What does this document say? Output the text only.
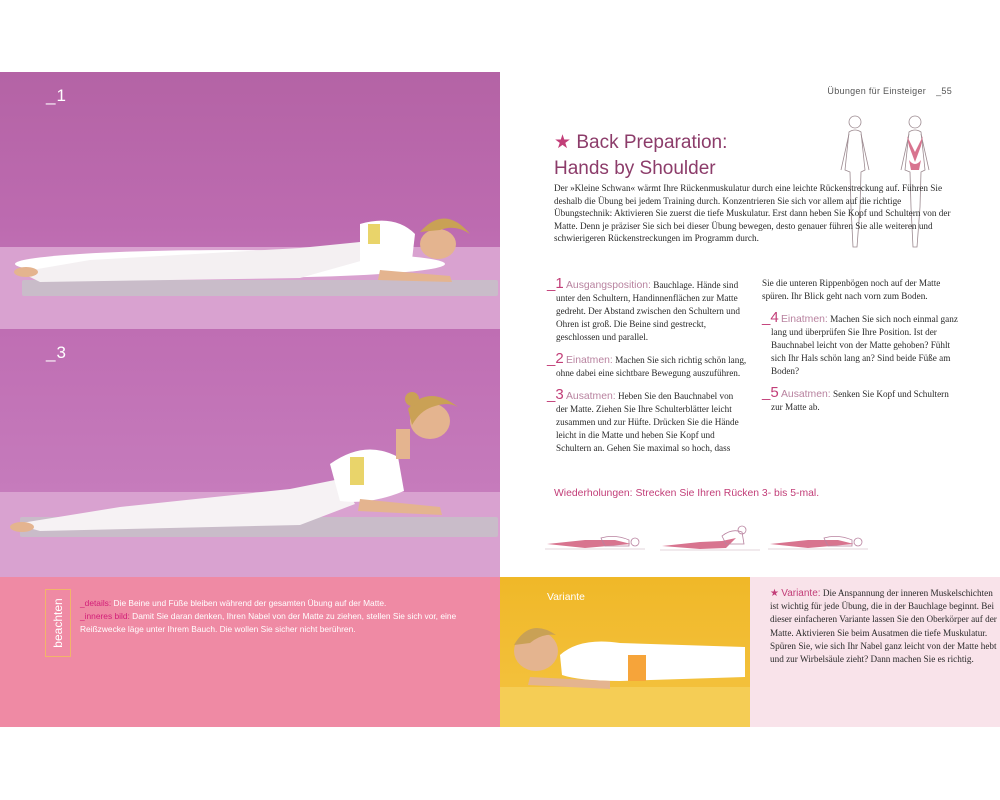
_1
_3
beachten _details: Die Beine und Füße bleiben während der gesamten Übung auf der Matte.
_inneres bild: Damit Sie daran denken, Ihren Nabel von der Matte zu ziehen, stellen Sie sich vor, eine Reißzwecke läge unter Ihrem Bauch. Die wollen Sie sicher nicht berühren.
Übungen für Einsteiger _55
★ Back Preparation:
Hands by Shoulder
Der »Kleine Schwan« wärmt Ihre Rückenmuskulatur durch eine leichte Rückenstreckung auf. Führen Sie deshalb die Übung bei jedem Training durch. Konzentrieren Sie sich vor allem auf die richtige Übungstechnik: Aktivieren Sie zuerst die tiefe Muskulatur. Erst dann heben Sie Kopf und Schultern von der Matte. Denn je präziser Sie sich bei dieser Übung bewegen, desto genauer führen Sie alle weiteren und schwierigeren Rückenstreckungen im Programm durch.
_1 Ausgangsposition: Bauchlage. Hände sind unter den Schultern, Handinnenflächen zur Matte gedreht. Der Abstand zwischen den Schultern und Ohren ist groß. Die Beine sind gestreckt, geschlossen und parallel.
_2 Einatmen: Machen Sie sich richtig schön lang, ohne dabei eine sichtbare Bewegung auszuführen.
_3 Ausatmen: Heben Sie den Bauchnabel von der Matte. Ziehen Sie Ihre Schulterblätter leicht zusammen und zur Hüfte. Drücken Sie die Hände leicht in die Matte und heben Sie Kopf und Schultern an. Gehen Sie maximal so hoch, dass
Sie die unteren Rippenbögen noch auf der Matte spüren. Ihr Blick geht nach vorn zum Boden.
_4 Einatmen: Machen Sie sich noch einmal ganz lang und überprüfen Sie Ihre Position. Ist der Bauchnabel leicht von der Matte gehoben? Fühlt sich Ihr Hals schön lang an? Sind beide Füße am Boden?
_5 Ausatmen: Senken Sie Kopf und Schultern zur Matte ab.
Wiederholungen: Strecken Sie Ihren Rücken 3- bis 5-mal.
Variante	★ Variante: Die Anspannung der inneren Muskelschichten ist wichtig für jede Übung, die in der Bauchlage beginnt. Bei dieser einfacheren Variante lassen Sie den Oberkörper auf der Matte. Aktivieren Sie beim Ausatmen die tiefe Muskulatur. Spüren Sie, wie sich Ihr Nabel ganz leicht von der Matte hebt und zur Wirbelsäule zieht? Dann machen Sie es richtig.
